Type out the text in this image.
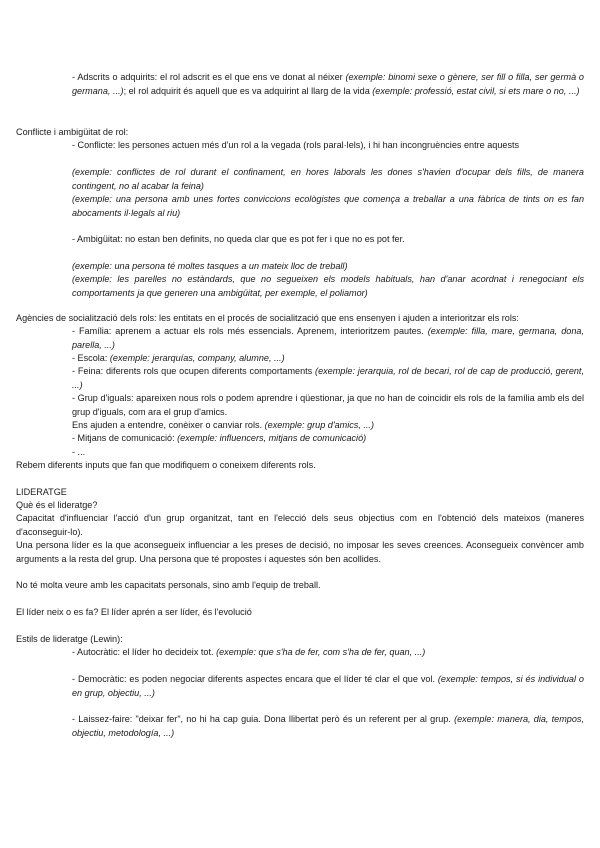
- Adscrits o adquirits: el rol adscrit es el que ens ve donat al néixer (exemple: binomi sexe o gènere, ser fill o filla, ser germà o germana, ...); el rol adquirit és aquell que es va adquirint al llarg de la vida (exemple: professió, estat civil, si ets mare o no, ...)
Conflicte i ambigüitat de rol:
- Conflicte: les persones actuen més d'un rol a la vegada (rols paral·lels), i hi han incongruències entre aquests
(exemple: conflictes de rol durant el confinament, en hores laborals les dones s'havien d'ocupar dels fills, de manera contingent, no al acabar la feina)
(exemple: una persona amb unes fortes conviccions ecològistes que comença a treballar a una fàbrica de tints on es fan abocaments il·legals al riu)
- Ambigüitat: no estan ben definits, no queda clar que es pot fer i que no es pot fer.
(exemple: una persona té moltes tasques a un mateix lloc de treball)
(exemple: les parelles no estàndards, que no segueixen els models habituals, han d'anar acordnat i renegociant els comportaments ja que generen una ambigüitat, per exemple, el poliamor)
Agències de socialització dels rols: les entitats en el procés de socialització que ens ensenyen i ajuden a interioritzar els rols:
- Família: aprenem a actuar els rols més essencials. Aprenem, interioritzem pautes. (exemple: filla, mare, germana, dona, parella, ...)
- Escola: (exemple: jerarquías, company, alumne, ...)
- Feina: diferents rols que ocupen diferents comportaments (exemple: jerarquia, rol de becari, rol de cap de producció, gerent, ...)
- Grup d'iguals: apareixen nous rols o podem aprendre i qüestionar, ja que no han de coincidir els rols de la família amb els del grup d'iguals, com ara el grup d'amics.
Ens ajuden a entendre, conèixer o canviar rols. (exemple: grup d'amics, ...)
- Mitjans de comunicació: (exemple: influencers, mitjans de comunicació)
- ...
Rebem diferents inputs que fan que modifiquem o coneixem diferents rols.
LIDERATGE
Què és el lideratge?
Capacitat d'influenciar l'acció d'un grup organitzat, tant en l'elecció dels seus objectius com en l'obtenció dels mateixos (maneres d'aconseguir-lo).
Una persona líder es la que aconsegueix influenciar a les preses de decisió, no imposar les seves creences. Aconsegueix convèncer amb arguments a la resta del grup. Una persona que té propostes i aquestes són ben acollides.
No té molta veure amb les capacitats personals, sino amb l'equip de treball.
El líder neix o es fa? El líder aprén a ser líder, és l'evolució
Estils de lideratge (Lewin):
- Autocràtic: el líder ho decideix tot. (exemple: que s'ha de fer, com s'ha de fer, quan, ...)
- Democràtic: es poden negociar diferents aspectes encara que el líder té clar el que vol. (exemple: tempos, si és individual o en grup, objectiu, ...)
- Laissez-faire: "deixar fer", no hi ha cap guia. Dona llibertat però és un referent per al grup. (exemple: manera, dia, tempos, objectiu, metodología, ...)
